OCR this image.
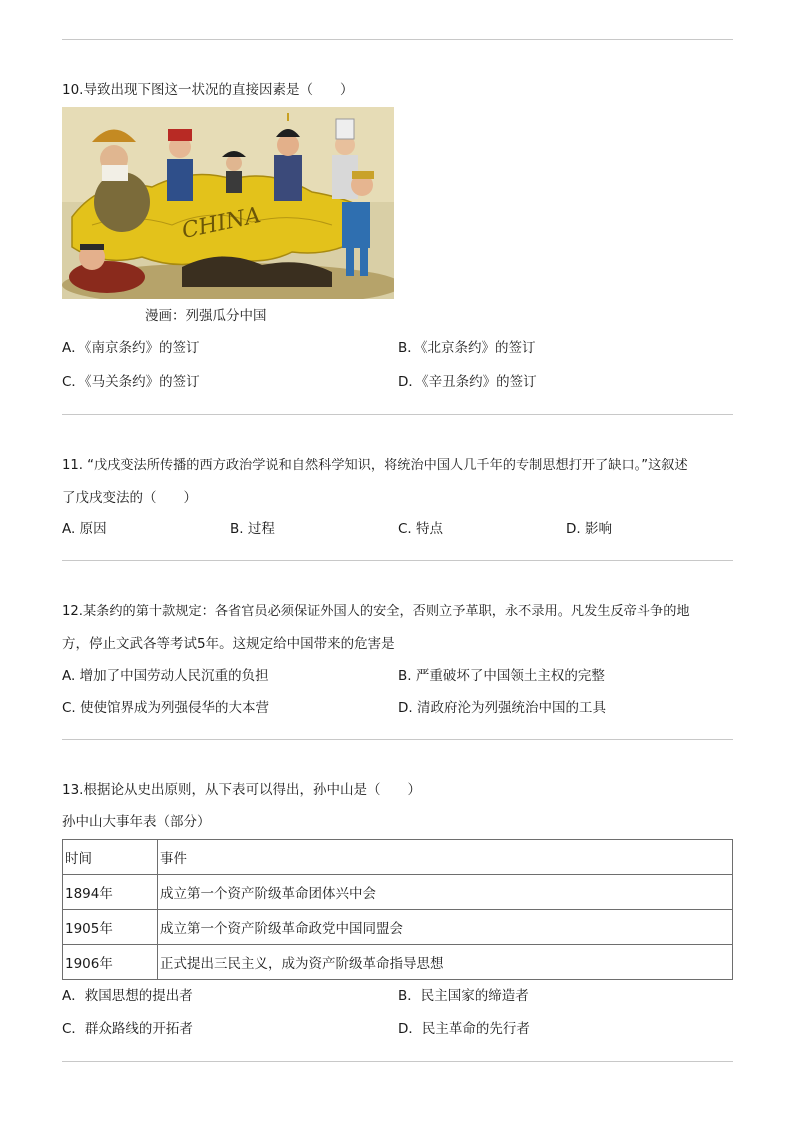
10.导致出现下图这一状况的直接因素是（　　）
CHINA
漫画：列强瓜分中国
A．《南京条约》的签订	B．《北京条约》的签订
C．《马关条约》的签订	D．《辛丑条约》的签订
11. “戊戌变法所传播的西方政治学说和自然科学知识，将统治中国人几千年的专制思想打开了缺口。”这叙述
了戊戌变法的（　　）
A. 原因	B. 过程	C. 特点	D. 影响
12.某条约的第十款规定：各省官员必须保证外国人的安全，否则立予革职，永不录用。凡发生反帝斗争的地
方，停止文武各等考试5年。这规定给中国带来的危害是
A. 增加了中国劳动人民沉重的负担	B. 严重破坏了中国领土主权的完整
C. 使使馆界成为列强侵华的大本营	D. 清政府沦为列强统治中国的工具
13.根据论从史出原则，从下表可以得出，孙中山是（　　）
孙中山大事年表（部分）
时间	事件
1894年	成立第一个资产阶级革命团体兴中会
1905年	成立第一个资产阶级革命政党中国同盟会
1906年	正式提出三民主义，成为资产阶级革命指导思想
A．救国思想的提出者	B．民主国家的缔造者
C．群众路线的开拓者	D．民主革命的先行者
